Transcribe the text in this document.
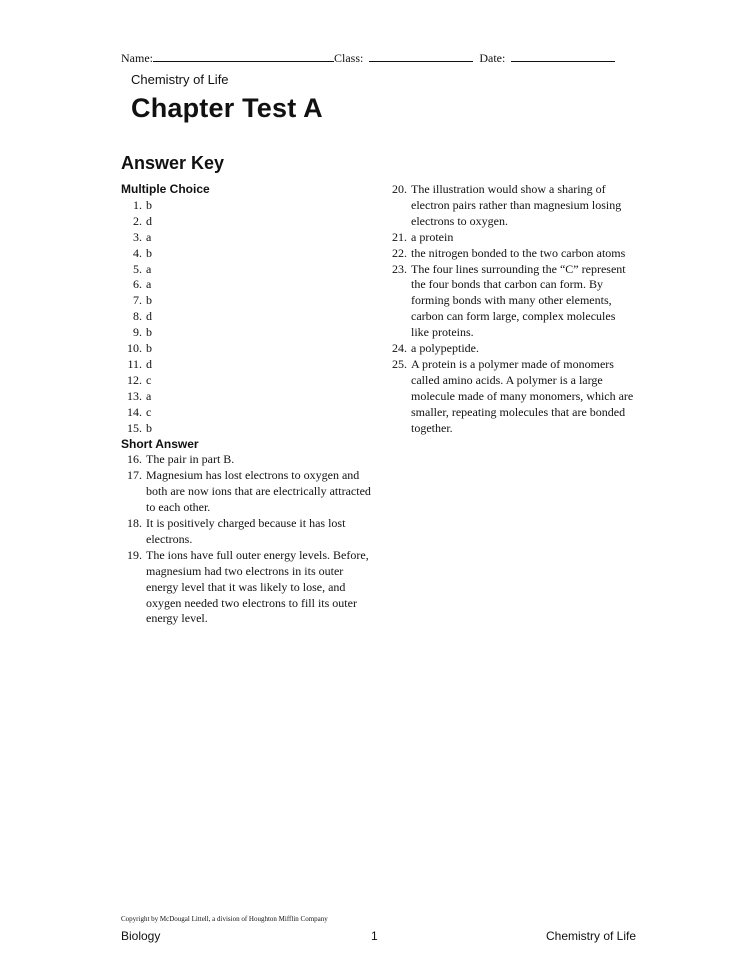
Name:	Class:	Date:
Chemistry of Life
Chapter Test A
Answer Key
Multiple Choice
1. b
2. d
3. a
4. b
5. a
6. a
7. b
8. d
9. b
10. b
11. d
12. c
13. a
14. c
15. b
Short Answer
16. The pair in part B.
17. Magnesium has lost electrons to oxygen and both are now ions that are electrically attracted to each other.
18. It is positively charged because it has lost electrons.
19. The ions have full outer energy levels. Before, magnesium had two electrons in its outer energy level that it was likely to lose, and oxygen needed two electrons to fill its outer energy level.
20. The illustration would show a sharing of electron pairs rather than magnesium losing electrons to oxygen.
21. a protein
22. the nitrogen bonded to the two carbon atoms
23. The four lines surrounding the “C” represent the four bonds that carbon can form. By forming bonds with many other elements, carbon can form large, complex molecules like proteins.
24. a polypeptide.
25. A protein is a polymer made of monomers called amino acids. A polymer is a large molecule made of many monomers, which are smaller, repeating molecules that are bonded together.
Copyright by McDougal Littell, a division of Houghton Mifflin Company
Biology	1	Chemistry of Life
